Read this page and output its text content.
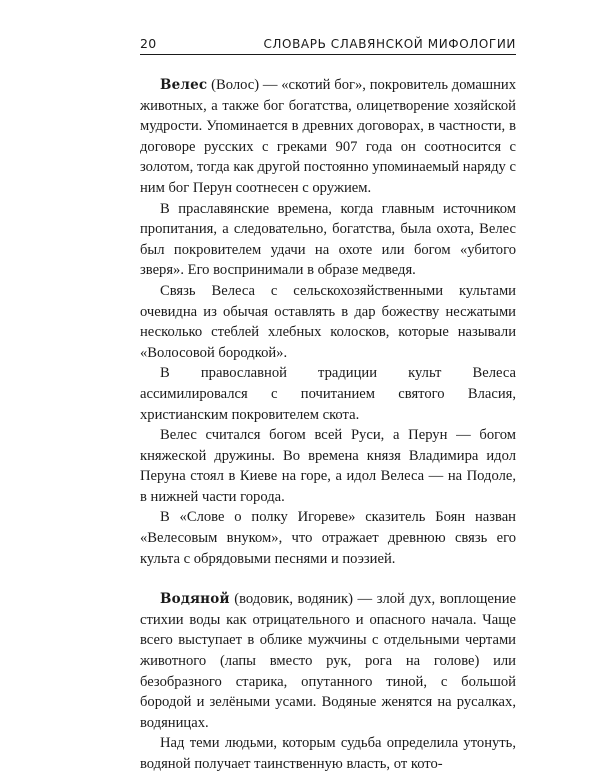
20	СЛОВАРЬ СЛАВЯНСКОЙ МИФОЛОГИИ

Велес (Волос) — «скотий бог», покровитель домашних животных, а также бог богатства, олицетворение хозяйской мудрости. Упоминается в древних договорах, в частности, в договоре русских с греками 907 года он соотносится с золотом, тогда как другой постоянно упоминаемый наряду с ним бог Перун соотнесен с оружием.

В праславянские времена, когда главным источником пропитания, а следовательно, богатства, была охота, Велес был покровителем удачи на охоте или богом «убитого зверя». Его воспринимали в образе медведя.

Связь Велеса с сельскохозяйственными культами очевидна из обычая оставлять в дар божеству несжатыми несколько стеблей хлебных колосков, которые называли «Волосовой бородкой».

В православной традиции культ Велеса ассимилировался с почитанием святого Власия, христианским покровителем скота.

Велес считался богом всей Руси, а Перун — богом княжеской дружины. Во времена князя Владимира идол Перуна стоял в Киеве на горе, а идол Велеса — на Подоле, в нижней части города.

В «Слове о полку Игореве» сказитель Боян назван «Велесовым внуком», что отражает древнюю связь его культа с обрядовыми песнями и поэзией.

Водяной (водовик, водяник) — злой дух, воплощение стихии воды как отрицательного и опасного начала. Чаще всего выступает в облике мужчины с отдельными чертами животного (лапы вместо рук, рога на голове) или безобразного старика, опутанного тиной, с большой бородой и зелёными усами. Водяные женятся на русалках, водяницах.

Над теми людьми, которым судьба определила утонуть, водяной получает таинственную власть, от кото-
